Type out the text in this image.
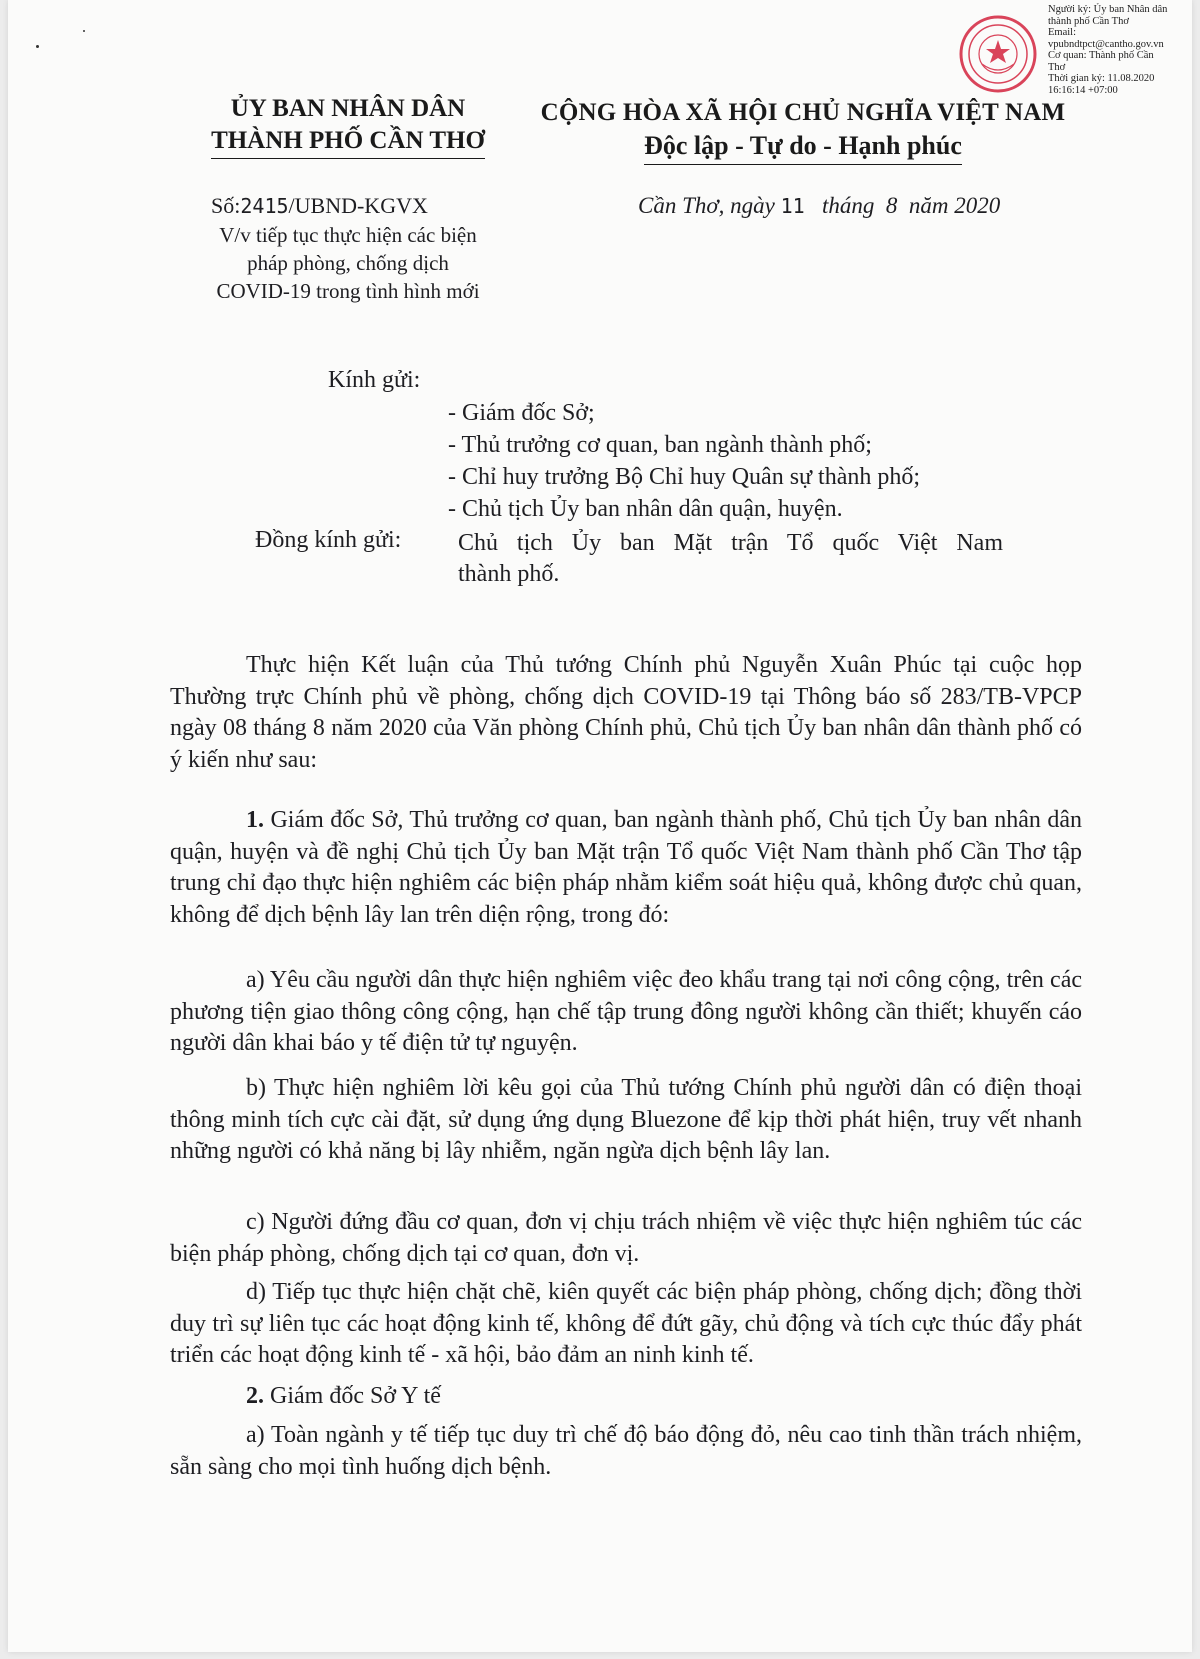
Người ký: Ủy ban Nhân dân
thành phố Cần Thơ
Email:
vpubndtpct@cantho.gov.vn
Cơ quan: Thành phố Cần
Thơ
Thời gian ký: 11.08.2020
16:16:14 +07:00
ỦY BAN NHÂN DÂN
THÀNH PHỐ CẦN THƠ
CỘNG HÒA XÃ HỘI CHỦ NGHĨA VIỆT NAM
Độc lập - Tự do - Hạnh phúc
Số:2415/UBND-KGVX
V/v tiếp tục thực hiện các biện
pháp phòng, chống dịch
COVID-19 trong tình hình mới
Cần Thơ, ngày 11   tháng  8  năm 2020
Kính gửi:
- Giám đốc Sở;
- Thủ trưởng cơ quan, ban ngành thành phố;
- Chỉ huy trưởng Bộ Chỉ huy Quân sự thành phố;
- Chủ tịch Ủy ban nhân dân quận, huyện.
Đồng kính gửi: Chủ tịch Ủy ban Mặt trận Tổ quốc Việt Nam
thành phố.

Thực hiện Kết luận của Thủ tướng Chính phủ Nguyễn Xuân Phúc tại cuộc họp Thường trực Chính phủ về phòng, chống dịch COVID-19 tại Thông báo số 283/TB-VPCP ngày 08 tháng 8 năm 2020 của Văn phòng Chính phủ, Chủ tịch Ủy ban nhân dân thành phố có ý kiến như sau:

1. Giám đốc Sở, Thủ trưởng cơ quan, ban ngành thành phố, Chủ tịch Ủy ban nhân dân quận, huyện và đề nghị Chủ tịch Ủy ban Mặt trận Tổ quốc Việt Nam thành phố Cần Thơ tập trung chỉ đạo thực hiện nghiêm các biện pháp nhằm kiểm soát hiệu quả, không được chủ quan, không để dịch bệnh lây lan trên diện rộng, trong đó:

a) Yêu cầu người dân thực hiện nghiêm việc đeo khẩu trang tại nơi công cộng, trên các phương tiện giao thông công cộng, hạn chế tập trung đông người không cần thiết; khuyến cáo người dân khai báo y tế điện tử tự nguyện.

b) Thực hiện nghiêm lời kêu gọi của Thủ tướng Chính phủ người dân có điện thoại thông minh tích cực cài đặt, sử dụng ứng dụng Bluezone để kịp thời phát hiện, truy vết nhanh những người có khả năng bị lây nhiễm, ngăn ngừa dịch bệnh lây lan.

c) Người đứng đầu cơ quan, đơn vị chịu trách nhiệm về việc thực hiện nghiêm túc các biện pháp phòng, chống dịch tại cơ quan, đơn vị.

d) Tiếp tục thực hiện chặt chẽ, kiên quyết các biện pháp phòng, chống dịch; đồng thời duy trì sự liên tục các hoạt động kinh tế, không để đứt gãy, chủ động và tích cực thúc đẩy phát triển các hoạt động kinh tế - xã hội, bảo đảm an ninh kinh tế.

2. Giám đốc Sở Y tế

a) Toàn ngành y tế tiếp tục duy trì chế độ báo động đỏ, nêu cao tinh thần trách nhiệm, sẵn sàng cho mọi tình huống dịch bệnh.
